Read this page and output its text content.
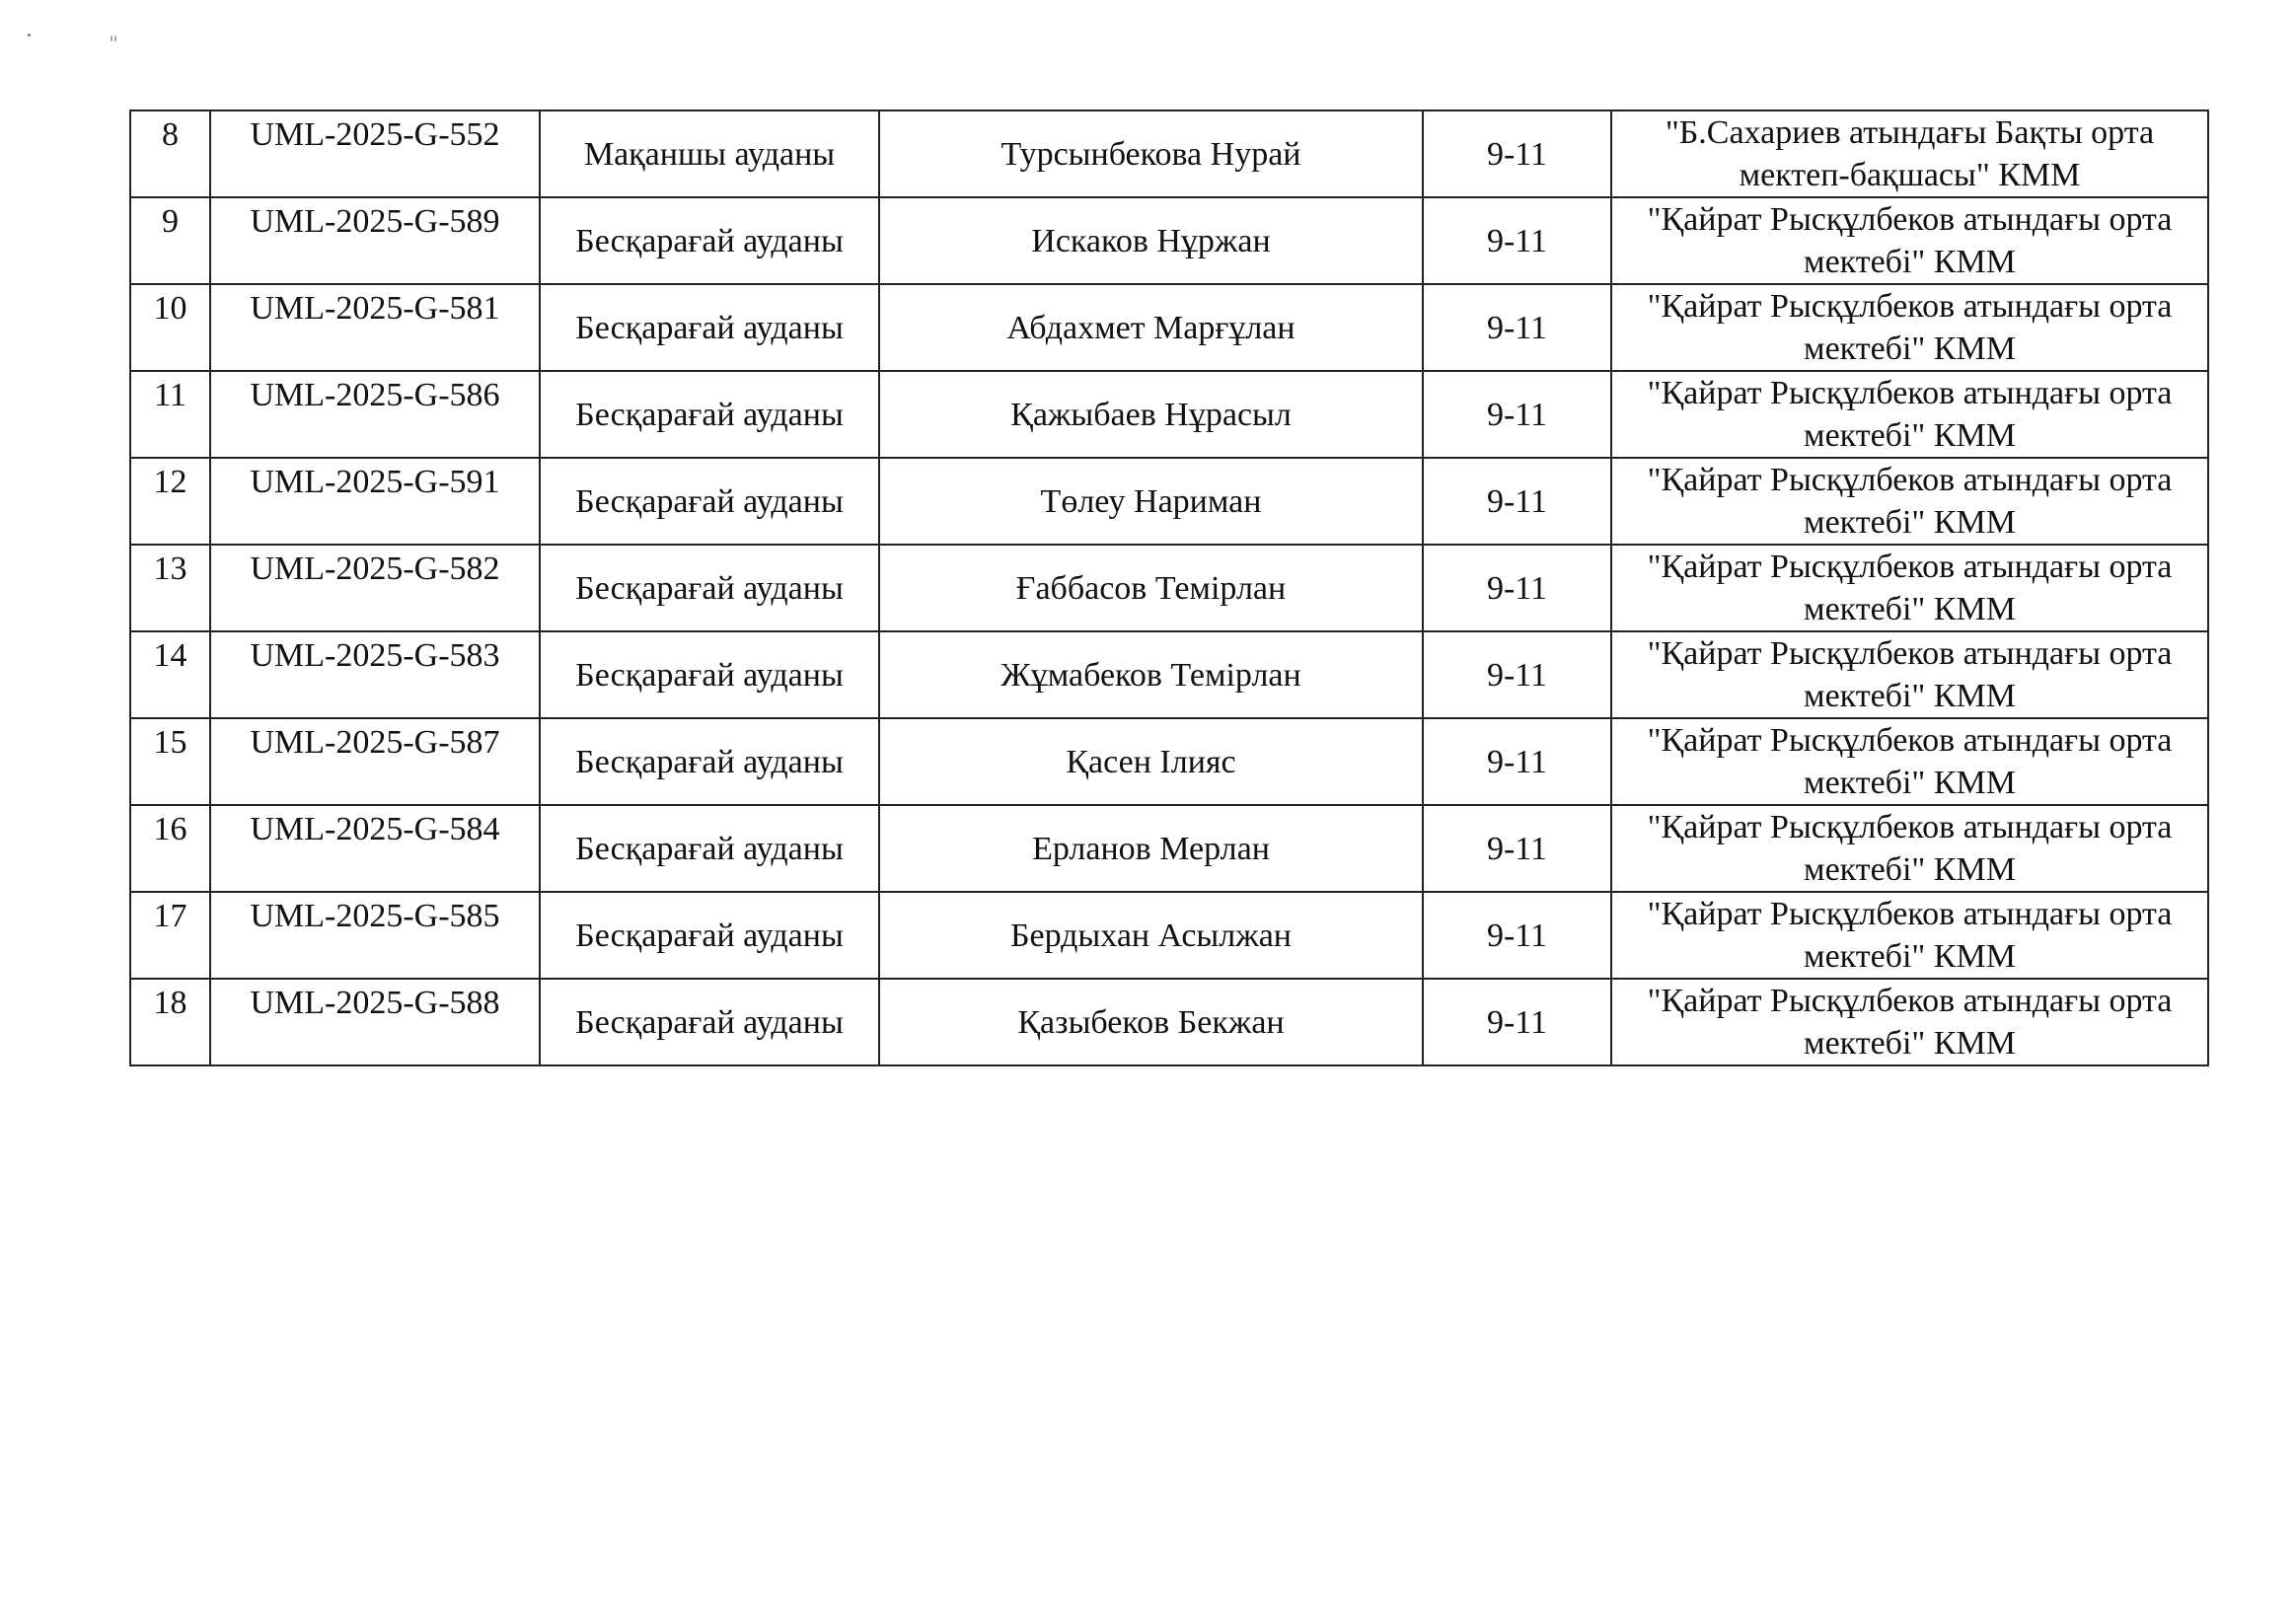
8	UML-2025-G-552	Мақаншы ауданы	Турсынбекова Нурай	9-11	"Б.Сахариев атындағы Бақты орта мектеп-бақшасы" КММ
9	UML-2025-G-589	Бесқарағай ауданы	Искаков Нұржан	9-11	"Қайрат Рысқұлбеков атындағы орта мектебі" КММ
10	UML-2025-G-581	Бесқарағай ауданы	Абдахмет Марғұлан	9-11	"Қайрат Рысқұлбеков атындағы орта мектебі" КММ
11	UML-2025-G-586	Бесқарағай ауданы	Қажыбаев Нұрасыл	9-11	"Қайрат Рысқұлбеков атындағы орта мектебі" КММ
12	UML-2025-G-591	Бесқарағай ауданы	Төлеу Нариман	9-11	"Қайрат Рысқұлбеков атындағы орта мектебі" КММ
13	UML-2025-G-582	Бесқарағай ауданы	Ғаббасов Темірлан	9-11	"Қайрат Рысқұлбеков атындағы орта мектебі" КММ
14	UML-2025-G-583	Бесқарағай ауданы	Жұмабеков Темірлан	9-11	"Қайрат Рысқұлбеков атындағы орта мектебі" КММ
15	UML-2025-G-587	Бесқарағай ауданы	Қасен Ілияс	9-11	"Қайрат Рысқұлбеков атындағы орта мектебі" КММ
16	UML-2025-G-584	Бесқарағай ауданы	Ерланов Мерлан	9-11	"Қайрат Рысқұлбеков атындағы орта мектебі" КММ
17	UML-2025-G-585	Бесқарағай ауданы	Бердыхан Асылжан	9-11	"Қайрат Рысқұлбеков атындағы орта мектебі" КММ
18	UML-2025-G-588	Бесқарағай ауданы	Қазыбеков Бекжан	9-11	"Қайрат Рысқұлбеков атындағы орта мектебі" КММ
